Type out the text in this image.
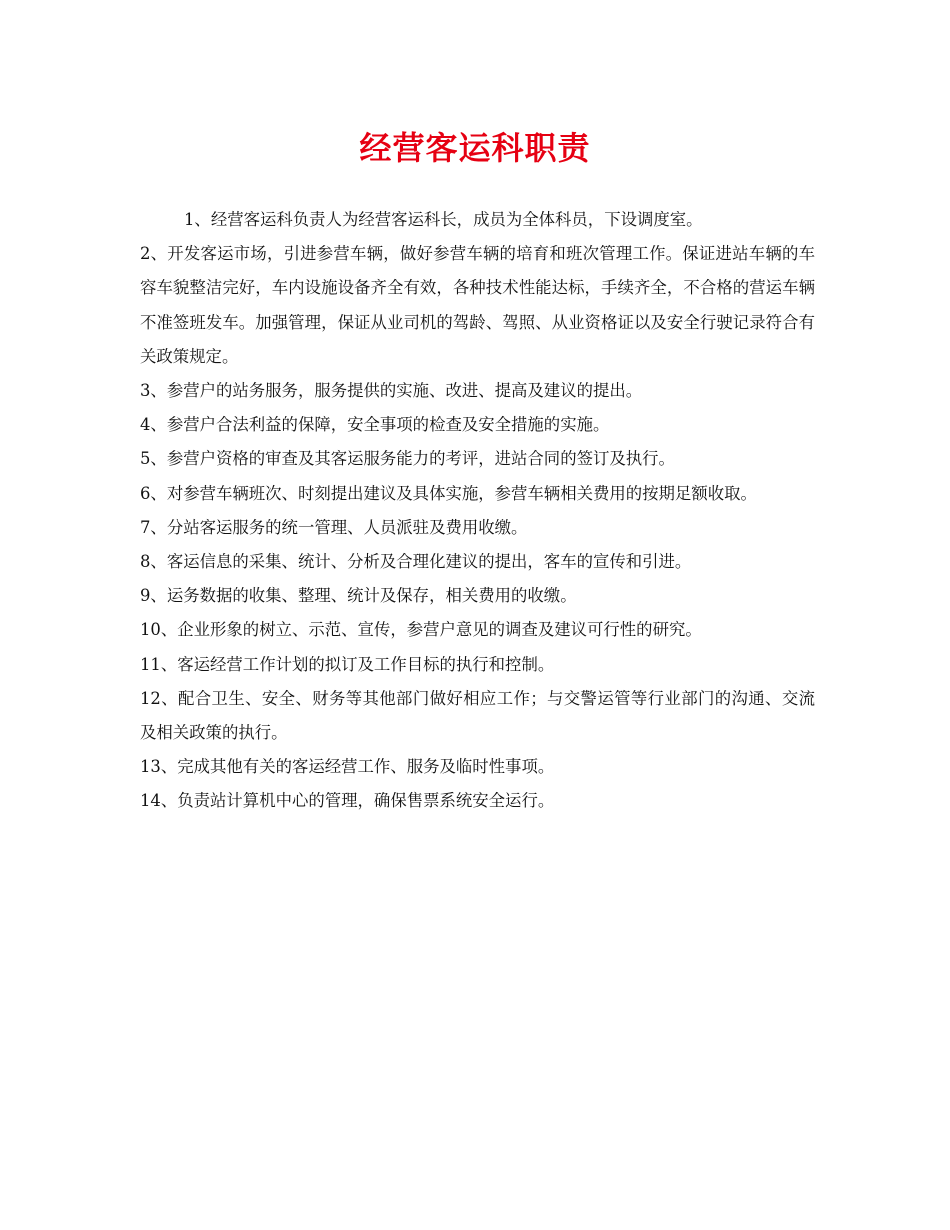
经营客运科职责

1、经营客运科负责人为经营客运科长，成员为全体科员，下设调度室。

2、开发客运市场，引进参营车辆，做好参营车辆的培育和班次管理工作。保证进站车辆的车容车貌整洁完好，车内设施设备齐全有效，各种技术性能达标，手续齐全，不合格的营运车辆不准签班发车。加强管理，保证从业司机的驾龄、驾照、从业资格证以及安全行驶记录符合有关政策规定。

3、参营户的站务服务，服务提供的实施、改进、提高及建议的提出。

4、参营户合法利益的保障，安全事项的检查及安全措施的实施。

5、参营户资格的审查及其客运服务能力的考评，进站合同的签订及执行。

6、对参营车辆班次、时刻提出建议及具体实施，参营车辆相关费用的按期足额收取。

7、分站客运服务的统一管理、人员派驻及费用收缴。

8、客运信息的采集、统计、分析及合理化建议的提出，客车的宣传和引进。

9、运务数据的收集、整理、统计及保存，相关费用的收缴。

10、企业形象的树立、示范、宣传，参营户意见的调查及建议可行性的研究。

11、客运经营工作计划的拟订及工作目标的执行和控制。

12、配合卫生、安全、财务等其他部门做好相应工作；与交警运管等行业部门的沟通、交流及相关政策的执行。

13、完成其他有关的客运经营工作、服务及临时性事项。

14、负责站计算机中心的管理，确保售票系统安全运行。
